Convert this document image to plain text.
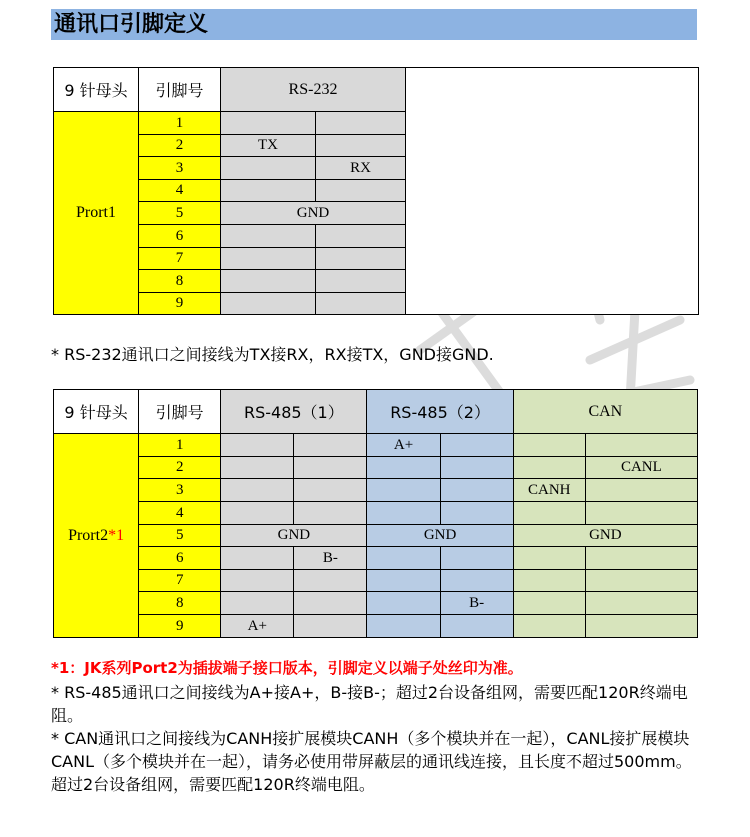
通讯口引脚定义
9 针母头	引脚号	RS-232		
Prort1	1			
	2	TX		
	3		RX	
	4			
	5	GND		
	6			
	7			
	8			
	9			
* RS-232通讯口之间接线为TX接RX，RX接TX，GND接GND.
9 针母头	引脚号	RS-485（1）		RS-485（2）		CAN	
Prort2*1	1			A+			
	2						CANL
	3					CANH	
	4						
	5	GND		GND		GND	
	6		B-				
	7						
	8				B-		
	9	A+					
*1：JK系列Port2为插拔端子接口版本，引脚定义以端子处丝印为准。
* RS-485通讯口之间接线为A+接A+，B-接B-；超过2台设备组网，需要匹配120R终端电阻。
* CAN通讯口之间接线为CANH接扩展模块CANH（多个模块并在一起），CANL接扩展模块CANL（多个模块并在一起），请务必使用带屏蔽层的通讯线连接，且长度不超过500mm。超过2台设备组网，需要匹配120R终端电阻。
